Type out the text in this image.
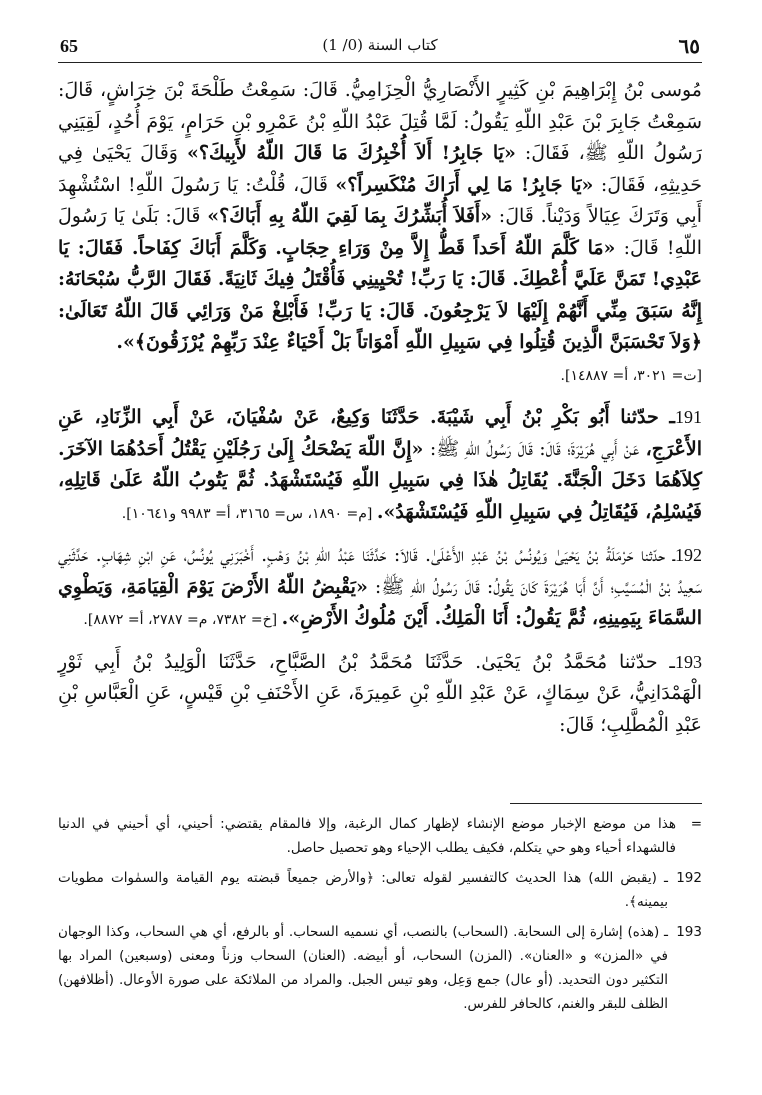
65	(1 /0) كتاب السنة	٦٥

مُوسى بْنُ إِبْرَاهِيمَ بْنِ كَثِيرٍ الأَنْصَارِيُّ الْحِزَامِيُّ. قَالَ: سَمِعْتُ طَلْحَةَ بْنَ خِرَاشٍ، قَالَ: سَمِعْتُ جَابِرَ بْنَ عَبْدِ اللّهِ يَقُولُ: لَمَّا قُتِلَ عَبْدُ اللّهِ بْنُ عَمْرِو بْنِ حَرَامٍ، يَوْمَ أُحُدٍ، لَقِيَنِي رَسُولُ اللّهِ ﷺ، فَقَالَ: «يَا جَابِرُ! أَلاَ أُخْبِرُكَ مَا قَالَ اللّهُ لأَبِيكَ؟» وَقَالَ يَحْيَىٰ فِي حَدِيثِهِ، فَقَالَ: «يَا جَابِرُ! مَا لِي أَرَاكَ مُنْكَسِراً؟» قَالَ، قُلْتُ: يَا رَسُولَ اللّهِ! اسْتُشْهِدَ أَبِي وَتَرَكَ عِيَالاً وَدَيْناً. قَالَ: «أَفَلاَ أُبَشِّرُكَ بِمَا لَقِيَ اللّهُ بِهِ أَبَاكَ؟» قَالَ: بَلَىٰ يَا رَسُولَ اللّهِ! قَالَ: «مَا كَلَّمَ اللّهُ أَحَداً قَطُّ إِلاَّ مِنْ وَرَاءِ حِجَابٍ. وَكَلَّمَ أَبَاكَ كِفَاحاً. فَقَالَ: يَا عَبْدِي! تَمَنَّ عَلَيَّ أُعْطِكَ. قَالَ: يَا رَبِّ! تُحْيِينِي فَأُقْتَلُ فِيكَ ثَانِيَةً. فَقَالَ الرَّبُّ سُبْحَانَهُ: إِنَّهُ سَبَقَ مِنِّي أَنَّهُمْ إِلَيْهَا لاَ يَرْجِعُونَ. قَالَ: يَا رَبِّ! فَأَبْلِغْ مَنْ وَرَائِي قَالَ اللّهُ تَعَالَىٰ: ﴿وَلاَ تَحْسَبَنَّ الَّذِينَ قُتِلُوا فِي سَبِيلِ اللّهِ أَمْوَاتاً بَلْ أَحْيَاءٌ عِنْدَ رَبِّهِمْ يُرْزَقُونَ﴾».
[ت= ٣٠٢١، أ= ١٤٨٨٧].

191ـ حدّثنا أَبُو بَكْرِ بْنُ أَبِي شَيْبَةَ. حَدَّثَنَا وَكِيعٌ، عَنْ سُفْيَانَ، عَنْ أَبِي الزِّنَادِ، عَنِ الأَعْرَجِ، عَنْ أَبِي هُرَيْرَةَ؛ قَالَ: قَالَ رَسُولُ اللّهِ ﷺ: «إِنَّ اللّهَ يَضْحَكُ إِلَىٰ رَجُلَيْنِ يَقْتُلُ أَحَدُهُمَا الآخَرَ. كِلاَهُمَا دَخَلَ الْجَنَّةَ. يُقَاتِلُ هٰذَا فِي سَبِيلِ اللّهِ فَيُسْتَشْهَدُ. ثُمَّ يَتُوبُ اللّهُ عَلَىٰ قَاتِلِهِ، فَيُسْلِمُ، فَيُقَاتِلُ فِي سَبِيلِ اللّهِ فَيُسْتَشْهَدُ». [م= ١٨٩٠، س= ٣١٦٥، أ= ٩٩٨٣ و١٠٦٤١].

192ـ حدّثنا حَرْمَلَةُ بْنُ يَحْيَىٰ وَيُونُسُ بْنُ عَبْدِ الأَعْلَىٰ. قَالاَ: حَدَّثَنَا عَبْدُ اللّهِ بْنُ وَهْبٍ. أَخْبَرَنِي يُونُسُ، عَنِ ابْنِ شِهَابٍ. حَدَّثَنِي سَعِيدُ بْنُ الْمُسَيَّبِ؛ أَنَّ أَبَا هُرَيْرَةَ كَانَ يَقُولُ: قَالَ رَسُولُ اللّهِ ﷺ: «يَقْبِضُ اللّهُ الأَرْضَ يَوْمَ الْقِيَامَةِ، وَيَطْوِي السَّمَاءَ بِيَمِينِهِ، ثُمَّ يَقُولُ: أَنَا الْمَلِكُ. أَيْنَ مُلُوكُ الأَرْضِ». [خ= ٧٣٨٢، م= ٢٧٨٧، أ= ٨٨٧٢].

193ـ حدّثنا مُحَمَّدُ بْنُ يَحْيَىٰ. حَدَّثَنَا مُحَمَّدُ بْنُ الصَّبَّاحِ، حَدَّثَنَا الْوَلِيدُ بْنُ أَبِي ثَوْرٍ الْهَمْدَانِيُّ، عَنْ سِمَاكٍ، عَنْ عَبْدِ اللّهِ بْنِ عَمِيرَةَ، عَنِ الأَحْنَفِ بْنِ قَيْسٍ، عَنِ الْعَبَّاسِ بْنِ عَبْدِ الْمُطَّلِبِ؛ قَالَ:

=
هذا من موضع الإخبار موضع الإنشاء لإظهار كمال الرغبة، وإلا فالمقام يقتضي: أحيني، أي أحيني في الدنيا فالشهداء أحياء وهو حي يتكلم، فكيف يطلب الإحياء وهو تحصيل حاصل.

192
ـ (يقبض الله) هذا الحديث كالتفسير لقوله تعالى: ﴿والأرض جميعاً قبضته يوم القيامة والسمٰوات مطويات بيمينه﴾.

193
ـ (هذه) إشارة إلى السحابة. (السحاب) بالنصب، أي نسميه السحاب. أو بالرفع، أي هي السحاب، وكذا الوجهان في «المزن» و «العنان». (المزن) السحاب، أو أبيضه. (العنان) السحاب وزناً ومعنى (وسبعين) المراد بها التكثير دون التحديد. (أو عال) جمع وَعِل، وهو تيس الجبل. والمراد من الملائكة على صورة الأوعال. (أظلافهن) الظلف للبقر والغنم، كالحافر للفرس.
